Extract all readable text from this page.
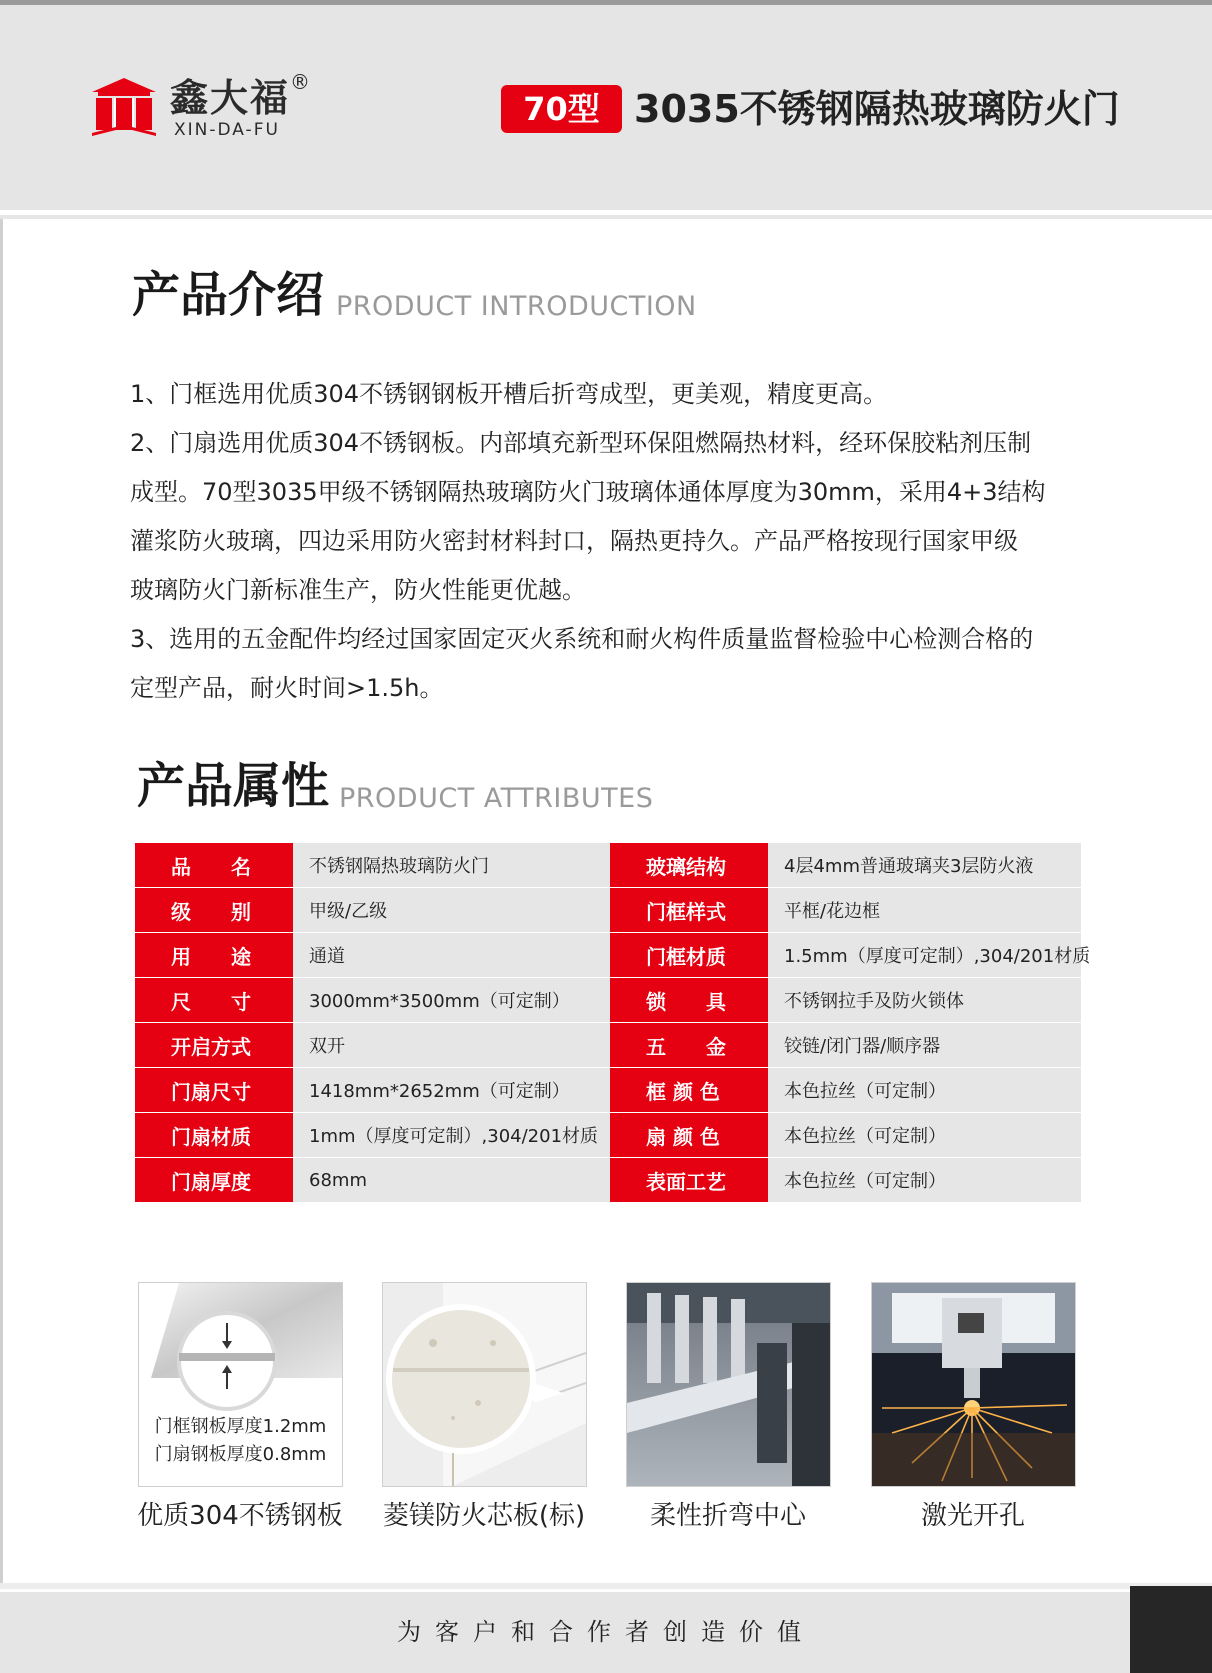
鑫大福 ®
XIN-DA-FU
70型 3035不锈钢隔热玻璃防火门
产品介绍 PRODUCT INTRODUCTION

1、门框选用优质304不锈钢钢板开槽后折弯成型，更美观，精度更高。

2、门扇选用优质304不锈钢板。内部填充新型环保阻燃隔热材料，经环保胶粘剂压制

成型。70型3035甲级不锈钢隔热玻璃防火门玻璃体通体厚度为30mm，采用4+3结构

灌浆防火玻璃，四边采用防火密封材料封口，隔热更持久。产品严格按现行国家甲级

玻璃防火门新标准生产，防火性能更优越。

3、选用的五金配件均经过国家固定灭火系统和耐火构件质量监督检验中心检测合格的

定型产品，耐火时间>1.5h。

产品属性 PRODUCT ATTRIBUTES
品　　名	不锈钢隔热玻璃防火门	玻璃结构	4层4mm普通玻璃夹3层防火液
级　　别	甲级/乙级	门框样式	平框/花边框
用　　途	通道	门框材质	1.5mm（厚度可定制）,304/201材质
尺　　寸	3000mm*3500mm（可定制）	锁　　具	不锈钢拉手及防火锁体
开启方式	双开	五　　金	铰链/闭门器/顺序器
门扇尺寸	1418mm*2652mm（可定制）	框 颜 色	本色拉丝（可定制）
门扇材质	1mm（厚度可定制）,304/201材质	扇 颜 色	本色拉丝（可定制）
门扇厚度	68mm	表面工艺	本色拉丝（可定制）
门框钢板厚度1.2mm
门扇钢板厚度0.8mm
优质304不锈钢板	菱镁防火芯板(标)	柔性折弯中心	激光开孔
为客户和合作者创造价值
